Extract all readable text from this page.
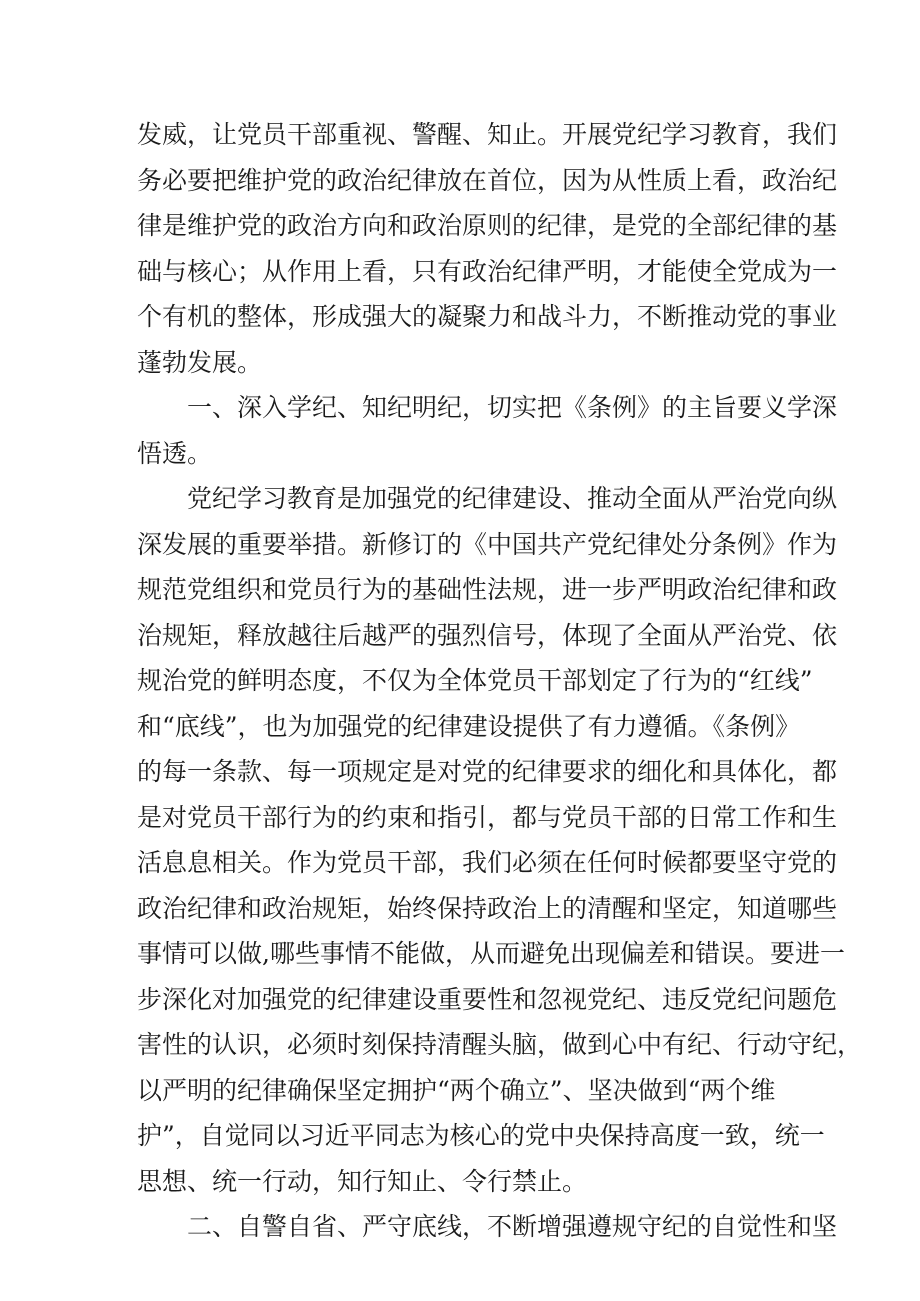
发威，让党员干部重视、警醒、知止。开展党纪学习教育，我们
务必要把维护党的政治纪律放在首位，因为从性质上看，政治纪
律是维护党的政治方向和政治原则的纪律，是党的全部纪律的基
础与核心；从作用上看，只有政治纪律严明，才能使全党成为一
个有机的整体，形成强大的凝聚力和战斗力，不断推动党的事业
蓬勃发展。
　　一、深入学纪、知纪明纪，切实把《条例》的主旨要义学深
悟透。
　　党纪学习教育是加强党的纪律建设、推动全面从严治党向纵
深发展的重要举措。新修订的《中国共产党纪律处分条例》作为
规范党组织和党员行为的基础性法规，进一步严明政治纪律和政
治规矩，释放越往后越严的强烈信号，体现了全面从严治党、依
规治党的鲜明态度，不仅为全体党员干部划定了行为的“红线”
和“底线”，也为加强党的纪律建设提供了有力遵循。《条例》
的每一条款、每一项规定是对党的纪律要求的细化和具体化，都
是对党员干部行为的约束和指引，都与党员干部的日常工作和生
活息息相关。作为党员干部，我们必须在任何时候都要坚守党的
政治纪律和政治规矩，始终保持政治上的清醒和坚定，知道哪些
事情可以做,哪些事情不能做，从而避免出现偏差和错误。要进一
步深化对加强党的纪律建设重要性和忽视党纪、违反党纪问题危
害性的认识，必须时刻保持清醒头脑，做到心中有纪、行动守纪，
以严明的纪律确保坚定拥护“两个确立”、坚决做到“两个维
护”，自觉同以习近平同志为核心的党中央保持高度一致，统一
思想、统一行动，知行知止、令行禁止。
　　二、自警自省、严守底线，不断增强遵规守纪的自觉性和坚
